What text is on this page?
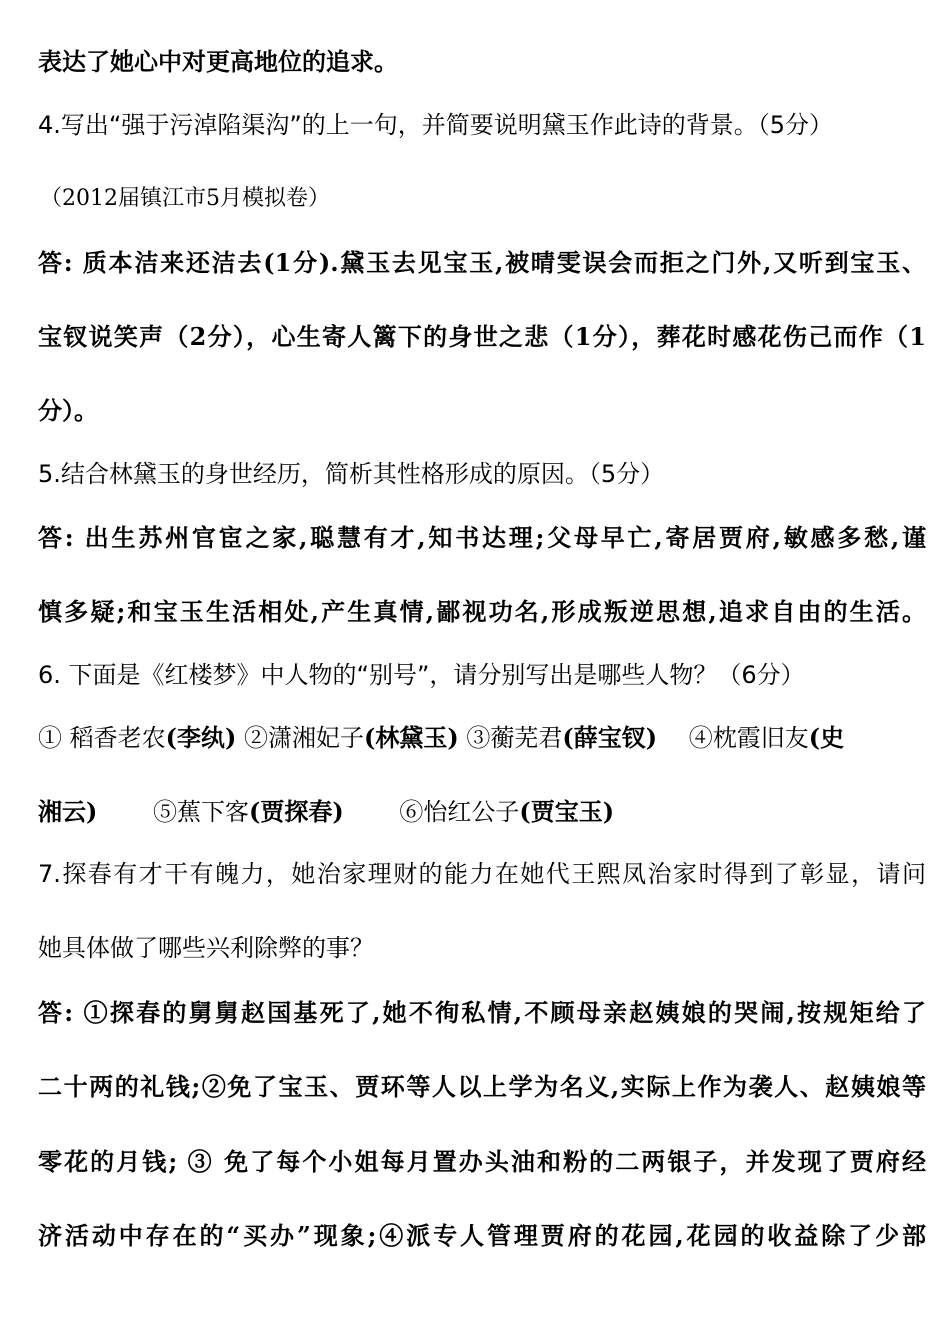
表达了她心中对更高地位的追求。
4.写出“强于污淖陷渠沟”的上一句，并简要说明黛玉作此诗的背景。（5分）
（2012届镇江市5月模拟卷）
答: 质本洁来还洁去(1分).黛玉去见宝玉,被晴雯误会而拒之门外,又听到宝玉、
宝钗说笑声（2分），心生寄人篱下的身世之悲（1分），葬花时感花伤己而作（1
分）。
5.结合林黛玉的身世经历，简析其性格形成的原因。（5分）
答: 出生苏州官宦之家,聪慧有才,知书达理;父母早亡,寄居贾府,敏感多愁,谨
慎多疑;和宝玉生活相处,产生真情,鄙视功名,形成叛逆思想,追求自由的生活。
6. 下面是《红楼梦》中人物的“别号”，请分别写出是哪些人物？（6分）
① 稻香老农(李纨) ②潇湘妃子(林黛玉) ③蘅芜君(薛宝钗) ④枕霞旧友(史
湘云) ⑤蕉下客(贾探春) ⑥怡红公子(贾宝玉)
7.探春有才干有魄力，她治家理财的能力在她代王熙凤治家时得到了彰显，请问
她具体做了哪些兴利除弊的事？
答: ①探春的舅舅赵国基死了,她不徇私情,不顾母亲赵姨娘的哭闹,按规矩给了
二十两的礼钱;②免了宝玉、贾环等人以上学为名义,实际上作为袭人、赵姨娘等
零花的月钱; ③ 免了每个小姐每月置办头油和粉的二两银子，并发现了贾府经
济活动中存在的“买办”现象;④派专人管理贾府的花园,花园的收益除了少部
